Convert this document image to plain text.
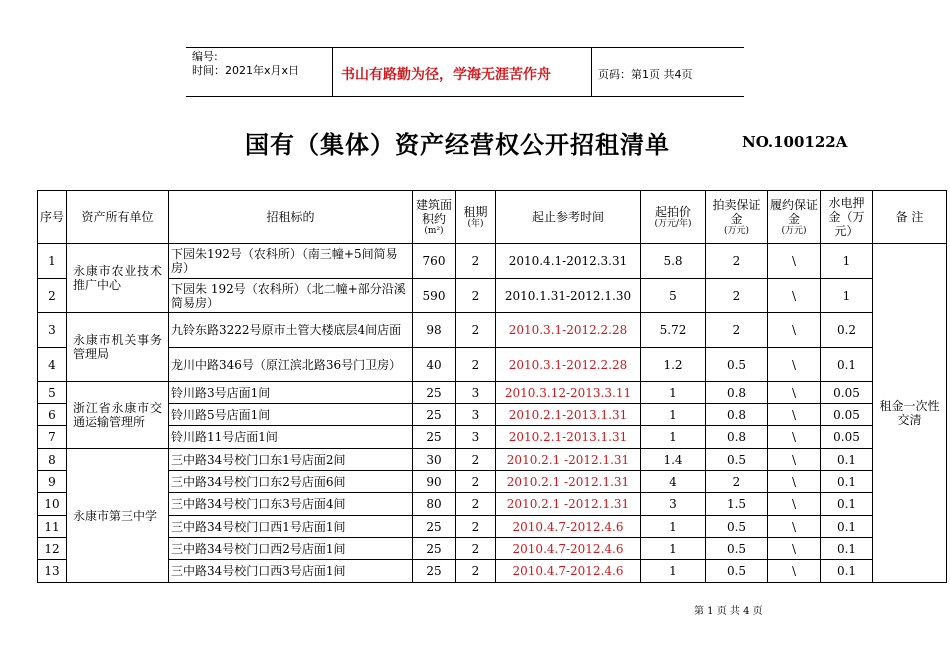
编号:
时间：2021年x月x日	书山有路勤为径，学海无涯苦作舟	页码：第1页 共4页
国有（集体）资产经营权公开招租清单	NO.100122A
序号	资产所有单位	招租标的	建筑面积约
(m²)	租期
(年)	起止参考时间	起拍价
(万元/年)	拍卖保证金
(万元)	履约保证金
(万元)	水电押金（万元）	备 注
1	永康市农业技术推广中心	下园朱192号（农科所）（南三幢+5间简易房）	760	2	2010.4.1-2012.3.31	5.8	2	\	1	租金一次性交清
2		下园朱 192号（农科所）（北二幢+部分沿溪简易房）	590	2	2010.1.31-2012.1.30	5	2	\	1	
3	永康市机关事务管理局	九铃东路3222号原市土管大楼底层4间店面	98	2	2010.3.1-2012.2.28	5.72	2	\	0.2	
4		龙川中路346号（原江滨北路36号门卫房）	40	2	2010.3.1-2012.2.28	1.2	0.5	\	0.1	
5	浙江省永康市交通运输管理所	铃川路3号店面1间	25	3	2010.3.12-2013.3.11	1	0.8	\	0.05	
6		铃川路5号店面1间	25	3	2010.2.1-2013.1.31	1	0.8	\	0.05	
7		铃川路11号店面1间	25	3	2010.2.1-2013.1.31	1	0.8	\	0.05	
8	永康市第三中学	三中路34号校门口东1号店面2间	30	2	2010.2.1 -2012.1.31	1.4	0.5	\	0.1	
9		三中路34号校门口东2号店面6间	90	2	2010.2.1 -2012.1.31	4	2	\	0.1	
10		三中路34号校门口东3号店面4间	80	2	2010.2.1 -2012.1.31	3	1.5	\	0.1	
11		三中路34号校门口西1号店面1间	25	2	2010.4.7-2012.4.6	1	0.5	\	0.1	
12		三中路34号校门口西2号店面1间	25	2	2010.4.7-2012.4.6	1	0.5	\	0.1	
13		三中路34号校门口西3号店面1间	25	2	2010.4.7-2012.4.6	1	0.5	\	0.1	
第 1 页 共 4 页
